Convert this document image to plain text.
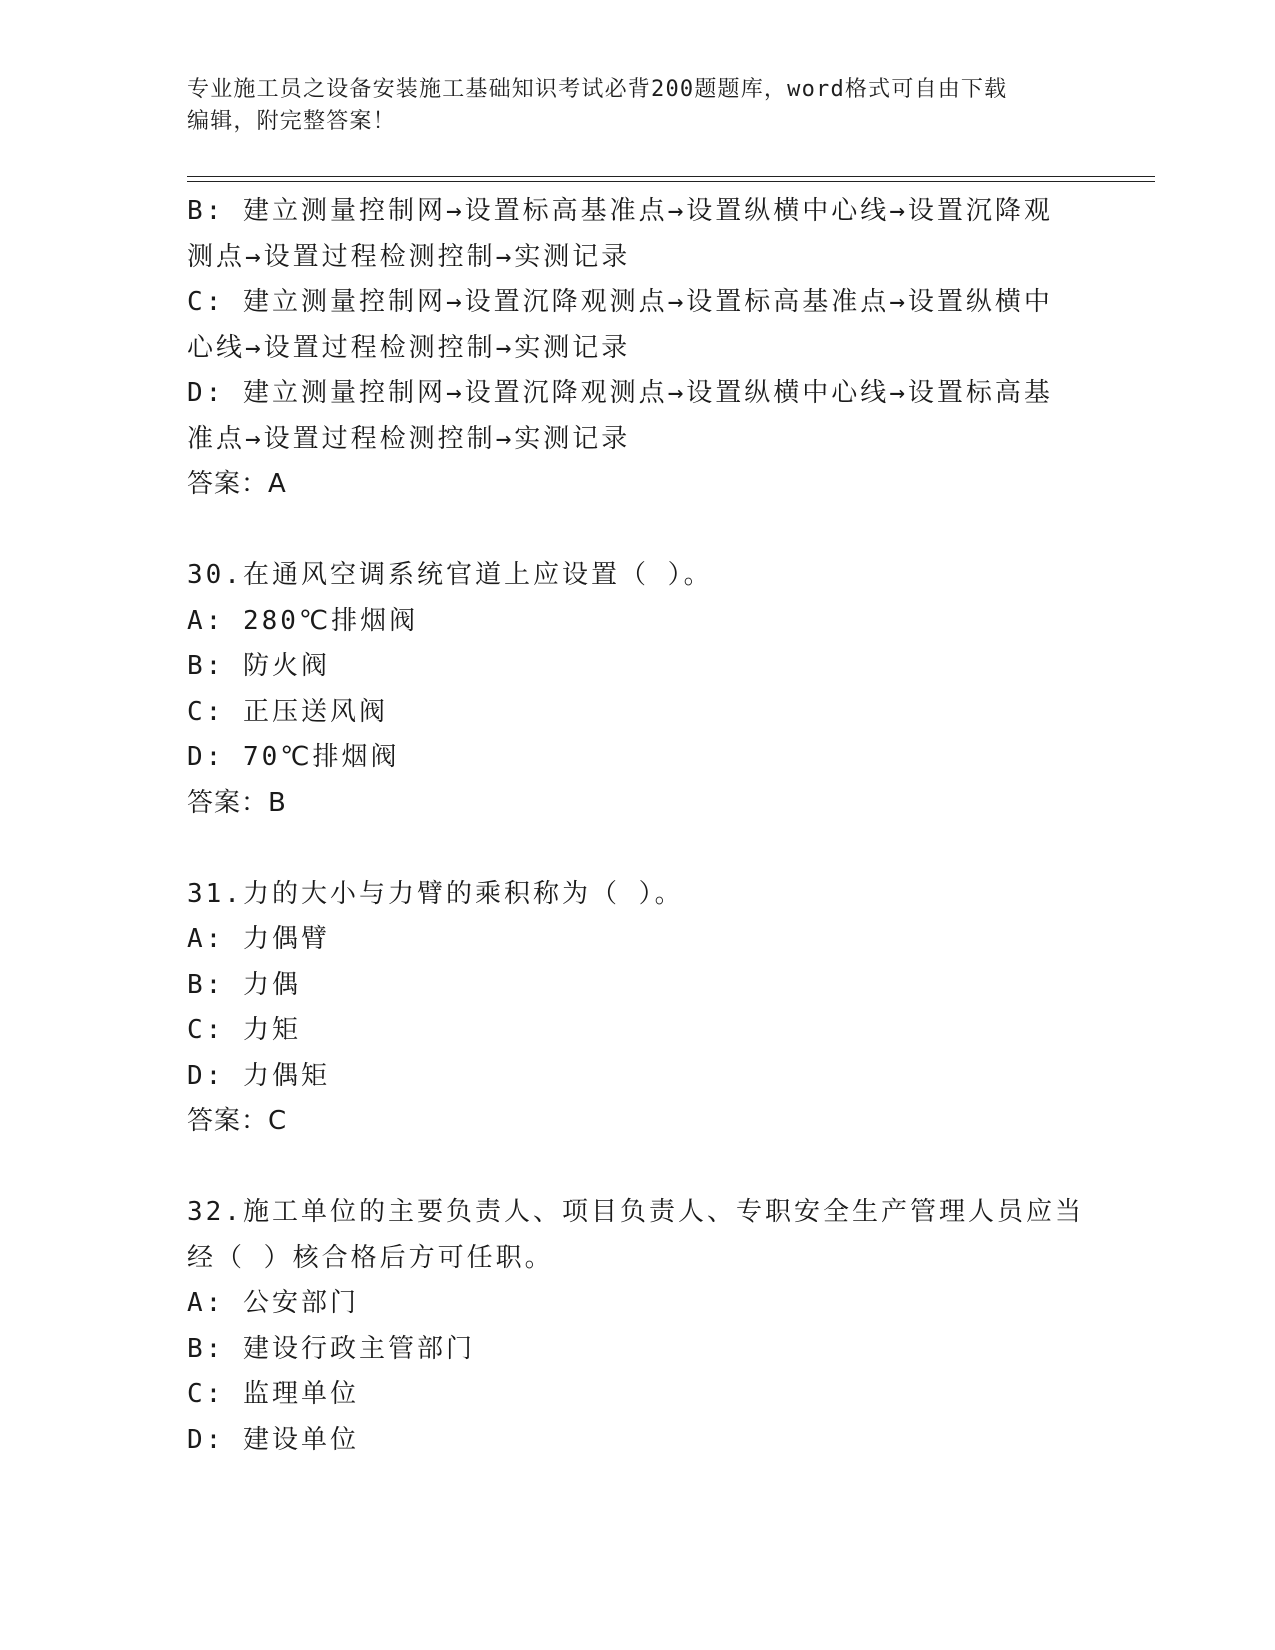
专业施工员之设备安装施工基础知识考试必背200题题库，word格式可自由下载
编辑，附完整答案！
B: 建立测量控制网→设置标高基准点→设置纵横中心线→设置沉降观
测点→设置过程检测控制→实测记录
C: 建立测量控制网→设置沉降观测点→设置标高基准点→设置纵横中
心线→设置过程检测控制→实测记录
D: 建立测量控制网→设置沉降观测点→设置纵横中心线→设置标高基
准点→设置过程检测控制→实测记录
答案：A
30.在通风空调系统官道上应设置（ ）。
A: 280℃排烟阀
B: 防火阀
C: 正压送风阀
D: 70℃排烟阀
答案：B
31.力的大小与力臂的乘积称为（ ）。
A: 力偶臂
B: 力偶
C: 力矩
D: 力偶矩
答案：C
32.施工单位的主要负责人、项目负责人、专职安全生产管理人员应当
经（ ）核合格后方可任职。
A: 公安部门
B: 建设行政主管部门
C: 监理单位
D: 建设单位
